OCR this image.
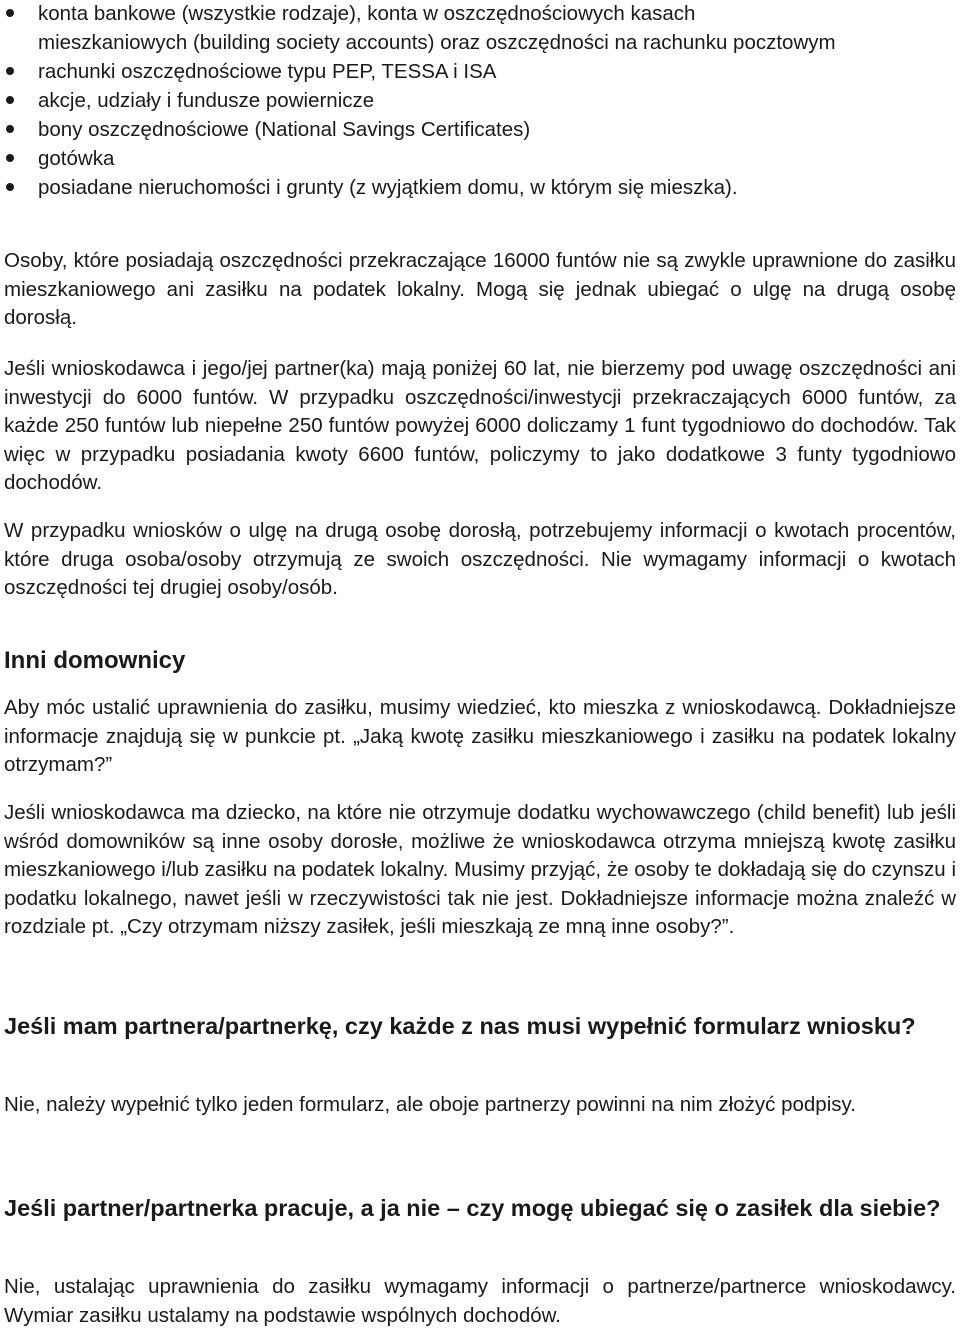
konta bankowe (wszystkie rodzaje), konta w oszczędnościowych kasach mieszkaniowych (building society accounts) oraz oszczędności na rachunku pocztowym
rachunki oszczędnościowe typu PEP, TESSA i ISA
akcje, udziały i fundusze powiernicze
bony oszczędnościowe (National Savings Certificates)
gotówka
posiadane nieruchomości i grunty (z wyjątkiem domu, w którym się mieszka).

Osoby, które posiadają oszczędności przekraczające 16000 funtów nie są zwykle uprawnione do zasiłku mieszkaniowego ani zasiłku na podatek lokalny. Mogą się jednak ubiegać o ulgę na drugą osobę dorosłą.

Jeśli wnioskodawca i jego/jej partner(ka) mają poniżej 60 lat, nie bierzemy pod uwagę oszczędności ani inwestycji do 6000 funtów. W przypadku oszczędności/inwestycji przekraczających 6000 funtów, za każde 250 funtów lub niepełne 250 funtów powyżej 6000 doliczamy 1 funt tygodniowo do dochodów. Tak więc w przypadku posiadania kwoty 6600 funtów, policzymy to jako dodatkowe 3 funty tygodniowo dochodów.

W przypadku wniosków o ulgę na drugą osobę dorosłą, potrzebujemy informacji o kwotach procentów, które druga osoba/osoby otrzymują ze swoich oszczędności. Nie wymagamy informacji o kwotach oszczędności tej drugiej osoby/osób.

Inni domownicy

Aby móc ustalić uprawnienia do zasiłku, musimy wiedzieć, kto mieszka z wnioskodawcą. Dokładniejsze informacje znajdują się w punkcie pt. „Jaką kwotę zasiłku mieszkaniowego i zasiłku na podatek lokalny otrzymam?”

Jeśli wnioskodawca ma dziecko, na które nie otrzymuje dodatku wychowawczego (child benefit) lub jeśli wśród domowników są inne osoby dorosłe, możliwe że wnioskodawca otrzyma mniejszą kwotę zasiłku mieszkaniowego i/lub zasiłku na podatek lokalny. Musimy przyjąć, że osoby te dokładają się do czynszu i podatku lokalnego, nawet jeśli w rzeczywistości tak nie jest. Dokładniejsze informacje można znaleźć w rozdziale pt. „Czy otrzymam niższy zasiłek, jeśli mieszkają ze mną inne osoby?”.

Jeśli mam partnera/partnerkę, czy każde z nas musi wypełnić formularz wniosku?

Nie, należy wypełnić tylko jeden formularz, ale oboje partnerzy powinni na nim złożyć podpisy.

Jeśli partner/partnerka pracuje, a ja nie – czy mogę ubiegać się o zasiłek dla siebie?

Nie, ustalając uprawnienia do zasiłku wymagamy informacji o partnerze/partnerce wnioskodawcy. Wymiar zasiłku ustalamy na podstawie wspólnych dochodów.
